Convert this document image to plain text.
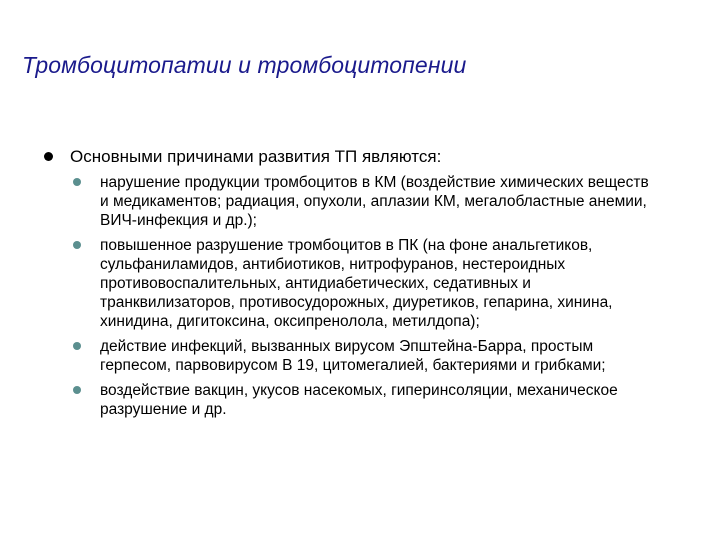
Тромбоцитопатии и тромбоцитопении
Основными причинами развития ТП являются:
нарушение продукции тромбоцитов в КМ (воздействие химических веществ и медикаментов; радиация, опухоли, аплазии КМ, мегалобластные анемии, ВИЧ-инфекция и др.);
повышенное разрушение тромбоцитов в ПК (на фоне анальгетиков, сульфаниламидов, антибиотиков, нитрофуранов, нестероидных противовоспалительных, антидиабетических, седативных и транквилизаторов, противосудорожных, диуретиков, гепарина, хинина, хинидина, дигитоксина, оксипренолола, метилдопа);
действие инфекций, вызванных вирусом Эпштейна-Барра, простым герпесом, парвовирусом В 19, цитомегалией, бактериями и грибками;
воздействие вакцин, укусов насекомых, гиперинсоляции, механическое разрушение и др.
